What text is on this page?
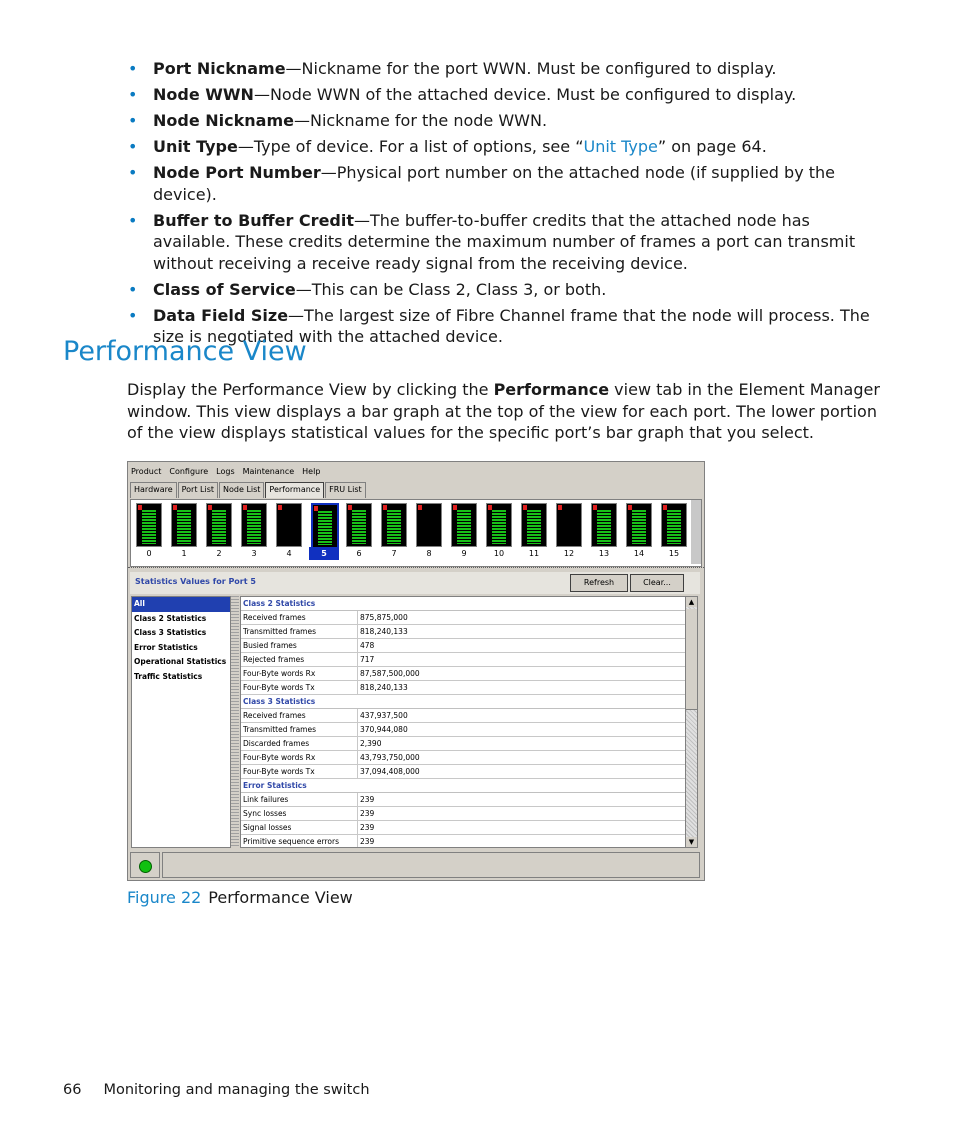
• Port Nickname—Nickname for the port WWN. Must be configured to display.
• Node WWN—Node WWN of the attached device. Must be configured to display.
• Node Nickname—Nickname for the node WWN.
• Unit Type—Type of device. For a list of options, see “Unit Type” on page 64.
• Node Port Number—Physical port number on the attached node (if supplied by the device).
• Buffer to Buffer Credit—The buffer-to-buffer credits that the attached node has available. These credits determine the maximum number of frames a port can transmit without receiving a receive ready signal from the receiving device.
• Class of Service—This can be Class 2, Class 3, or both.
• Data Field Size—The largest size of Fibre Channel frame that the node will process. The size is negotiated with the attached device.
Performance View

Display the Performance View by clicking the Performance view tab in the Element Manager window. This view displays a bar graph at the top of the view for each port. The lower portion of the view displays statistical values for the specific port’s bar graph that you select.

Product Configure Logs Maintenance Help
Hardware	Port List	Node List	Performance	FRU List
0	1	2	3	4	5	6	7	8	9	10	11	12	13	14	15
Statistics Values for Port 5	Refresh	Clear...
All
Class 2 Statistics
Class 3 Statistics
Error Statistics
Operational Statistics
Traffic Statistics
Class 2 Statistics
Received frames	875,875,000
Transmitted frames	818,240,133
Busied frames	478
Rejected frames	717
Four-Byte words Rx	87,587,500,000
Four-Byte words Tx	818,240,133
Class 3 Statistics
Received frames	437,937,500
Transmitted frames	370,944,080
Discarded frames	2,390
Four-Byte words Rx	43,793,750,000
Four-Byte words Tx	37,094,408,000
Error Statistics
Link failures	239
Sync losses	239
Signal losses	239
Primitive sequence errors	239
▲
▼
Figure 22 Performance View
66 Monitoring and managing the switch
